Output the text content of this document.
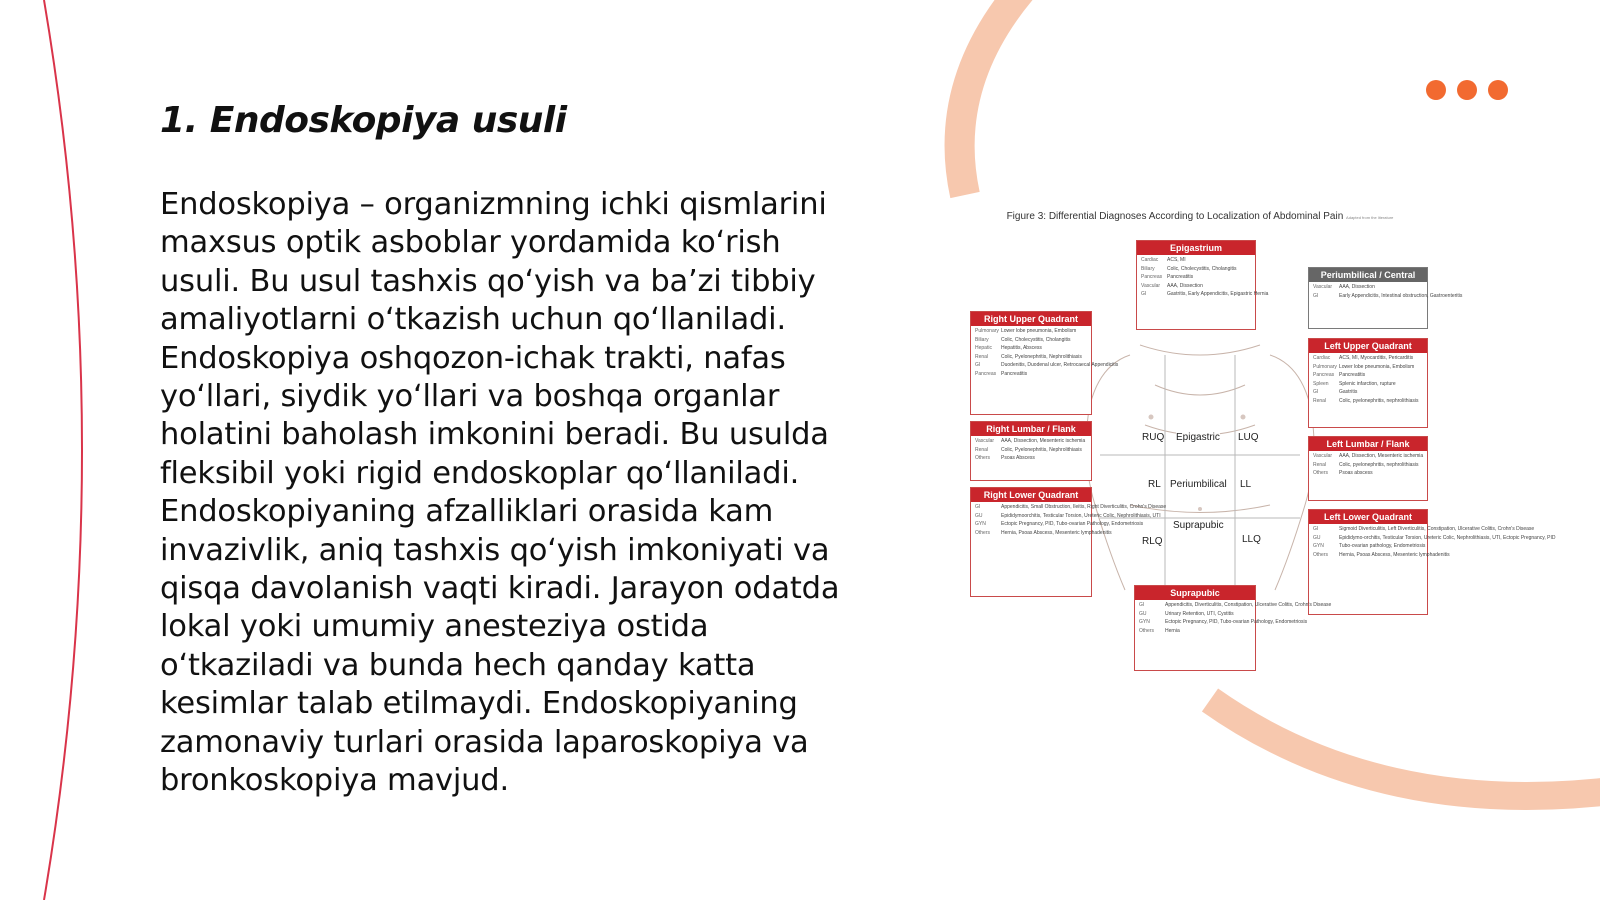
1. Endoskopiya usuli

Endoskopiya – organizmning ichki qismlarini maxsus optik asboblar yordamida ko‘rish usuli. Bu usul tashxis qo‘yish va ba’zi tibbiy amaliyotlarni o‘tkazish uchun qo‘llaniladi. Endoskopiya oshqozon-ichak trakti, nafas yo‘llari, siydik yo‘llari va boshqa organlar holatini baholash imkonini beradi. Bu usulda fleksibil yoki rigid endoskoplar qo‘llaniladi. Endoskopiyaning afzalliklari orasida kam invazivlik, aniq tashxis qo‘yish imkoniyati va qisqa davolanish vaqti kiradi. Jarayon odatda lokal yoki umumiy anesteziya ostida o‘tkaziladi va bunda hech qanday katta kesimlar talab etilmaydi. Endoskopiyaning zamonaviy turlari orasida laparoskopiya va bronkoskopiya mavjud.

Figure 3: Differential Diagnoses According to Localization of Abdominal Pain Adapted from the literature
RUQ Epigastric LUQ
RL Periumbilical LL
Suprapubic
RLQ	LLQ
Epigastrium
Cardiac	ACS, MI
Biliary	Colic, Cholecystitis, Cholangitis
Pancreas Pancreatitis
Vascular	AAA, Dissection
GI	Gastritis, Early Appendicitis, Epigastric Hernia
Periumbilical / Central
Vascular	AAA, Dissection
GI	Early Appendicitis, Intestinal obstruction, Gastroenteritis
Right Upper Quadrant
Pulmonary Lower lobe pneumonia, Embolism
Biliary	Colic, Cholecystitis, Cholangitis
Hepatic	Hepatitis, Abscess
Renal	Colic, Pyelonephritis, Nephrolithiasis
GI	Duodenitis, Duodenal ulcer, Retrocaecal Appendicitis
Pancreas Pancreatitis
Left Upper Quadrant
Cardiac	ACS, MI, Myocarditis, Pericarditis
Pulmonary Lower lobe pneumonia, Embolism
Pancreas Pancreatitis
Spleen	Splenic infarction, rupture
GI	Gastritis
Renal	Colic, pyelonephritis, nephrolithiasis
Right Lumbar / Flank
Vascular	AAA, Dissection, Mesenteric ischemia
Renal	Colic, Pyelonephritis, Nephrolithiasis
Others	Psoas Abscess
Left Lumbar / Flank
Vascular	AAA, Dissection, Mesenteric ischemia
Renal	Colic, pyelonephritis, nephrolithiasis
Others	Psoas abscess
Right Lower Quadrant
GI	Appendicitis, Small Obstruction, Ileitis, Right Diverticulitis, Crohn's Disease
GU	Epididymoorchitis, Testicular Torsion, Ureteric Colic, Nephrolithiasis, UTI
GYN	Ectopic Pregnancy, PID, Tubo-ovarian Pathology, Endometriosis
Others	Hernia, Psoas Abscess, Mesenteric lymphadenitis
Left Lower Quadrant
GI	Sigmoid Diverticulitis, Left Diverticulitis, Constipation, Ulcerative Colitis, Crohn's Disease
GU	Epididymo-orchitis, Testicular Torsion, Ureteric Colic, Nephrolithiasis, UTI, Ectopic Pregnancy, PID
GYN	Tubo-ovarian pathology, Endometriosis
Others	Hernia, Psoas Abscess, Mesenteric lymphadenitis
Suprapubic
GI	Appendicitis, Diverticulitis, Constipation, Ulcerative Colitis, Crohn's Disease
GU	Urinary Retention, UTI, Cystitis
GYN	Ectopic Pregnancy, PID, Tubo-ovarian Pathology, Endometriosis
Others	Hernia
